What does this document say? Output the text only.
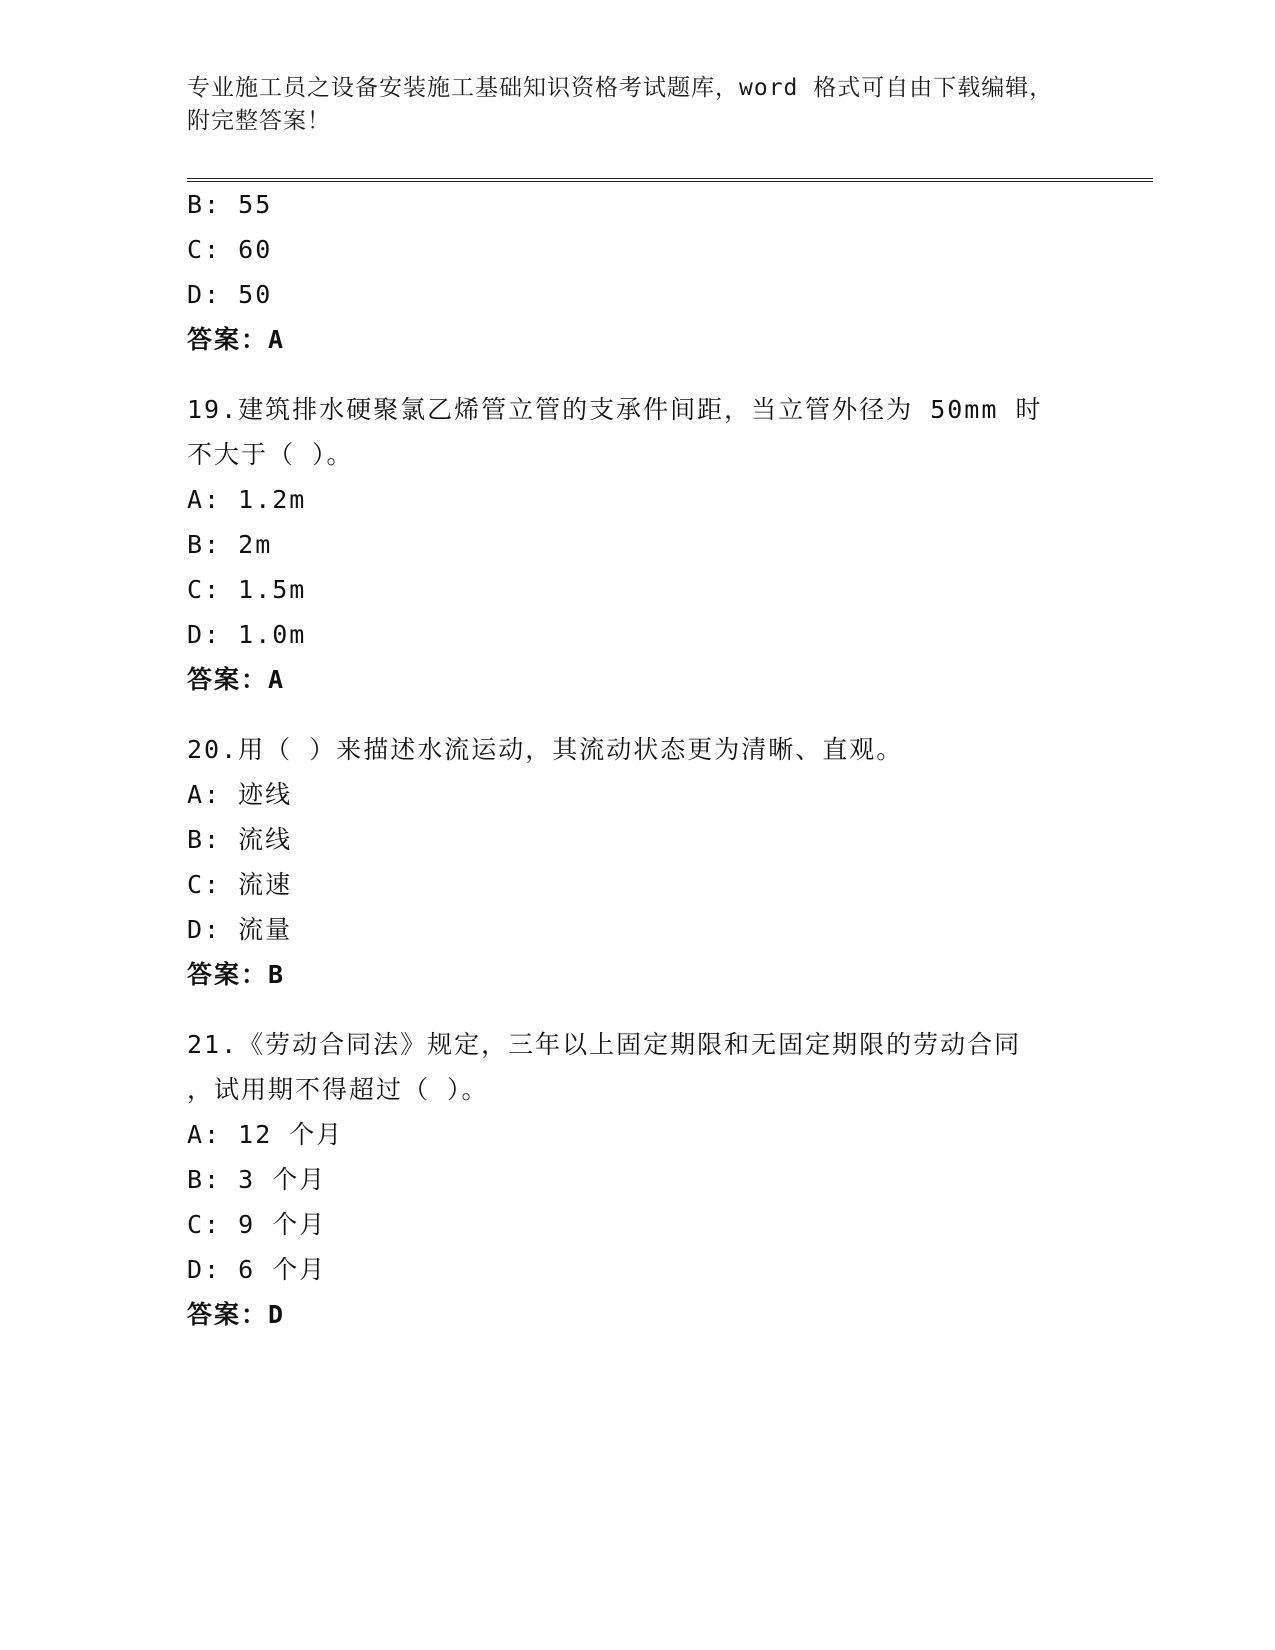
专业施工员之设备安装施工基础知识资格考试题库，word 格式可自由下载编辑，
附完整答案！
B: 55
C: 60
D: 50
答案：A
19.建筑排水硬聚氯乙烯管立管的支承件间距，当立管外径为 50mm 时
不大于（ ）。
A: 1.2m
B: 2m
C: 1.5m
D: 1.0m
答案：A
20.用（ ）来描述水流运动，其流动状态更为清晰、直观。
A: 迹线
B: 流线
C: 流速
D: 流量
答案：B
21.《劳动合同法》规定，三年以上固定期限和无固定期限的劳动合同
，试用期不得超过（ ）。
A: 12 个月
B: 3 个月
C: 9 个月
D: 6 个月
答案：D
